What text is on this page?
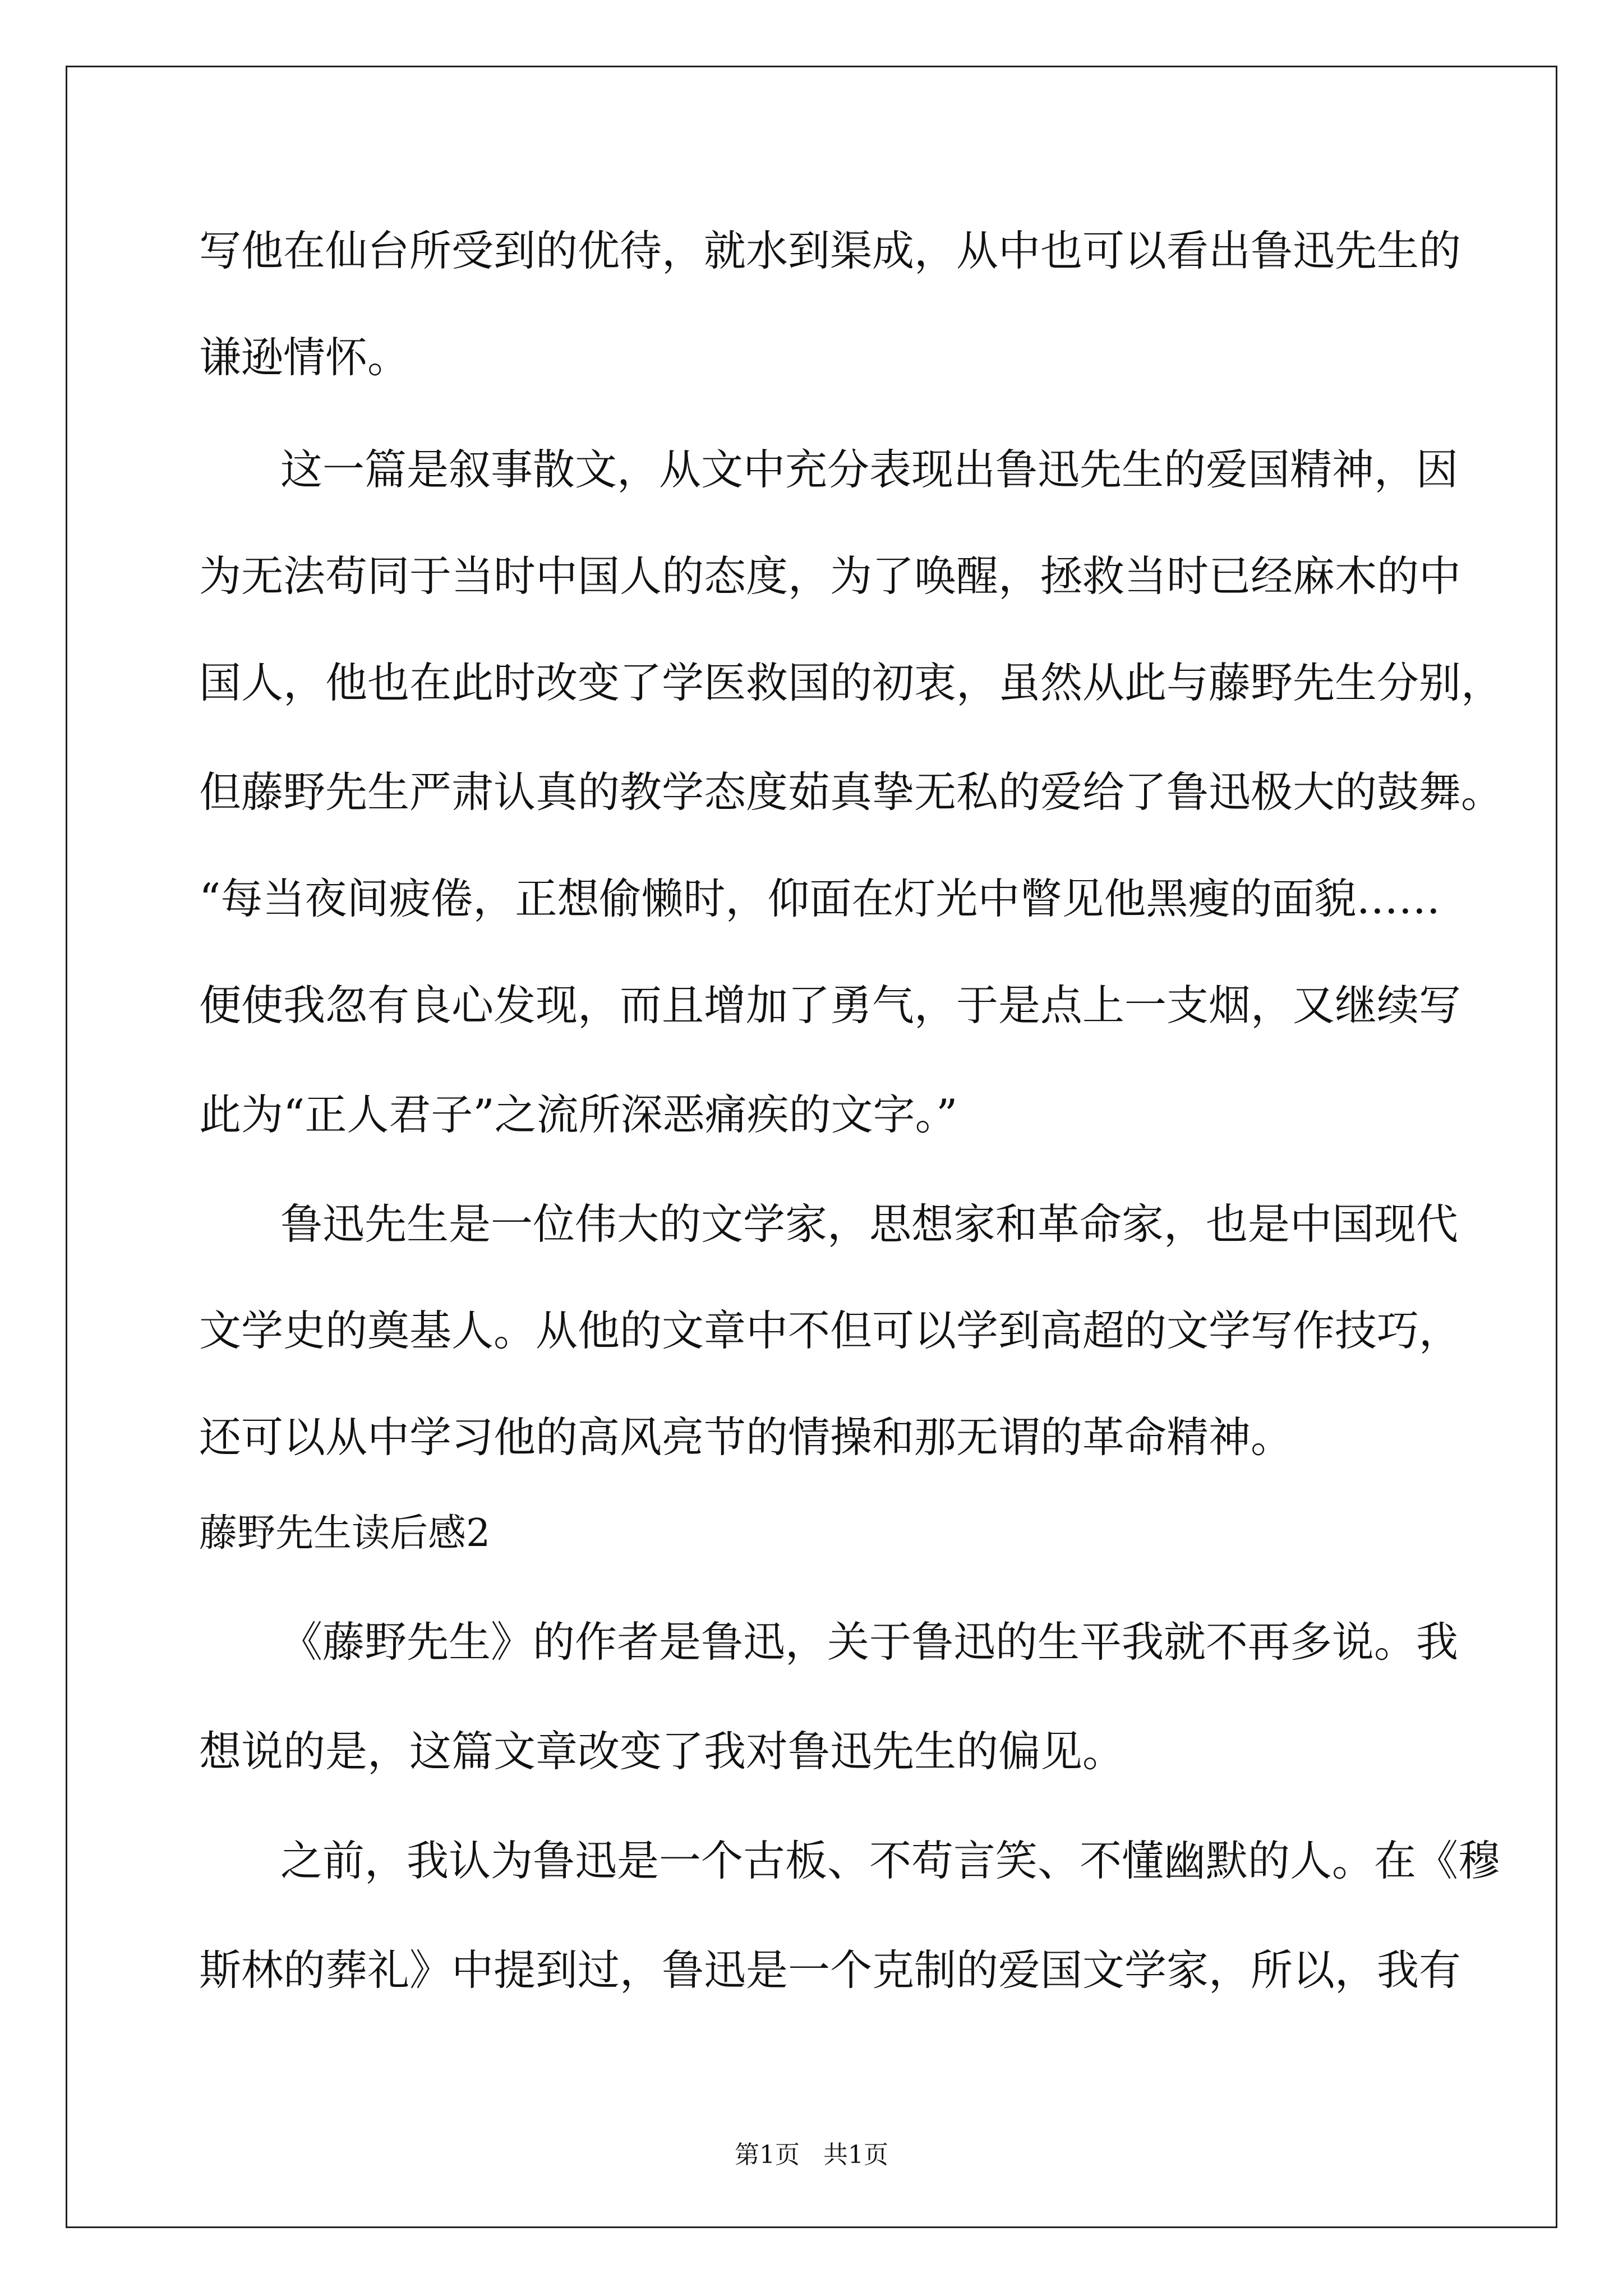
写他在仙台所受到的优待，就水到渠成，从中也可以看出鲁迅先生的
谦逊情怀。
这一篇是叙事散文，从文中充分表现出鲁迅先生的爱国精神，因
为无法苟同于当时中国人的态度，为了唤醒，拯救当时已经麻木的中
国人，他也在此时改变了学医救国的初衷，虽然从此与藤野先生分别，
但藤野先生严肃认真的教学态度茹真挚无私的爱给了鲁迅极大的鼓舞。
“每当夜间疲倦，正想偷懒时，仰面在灯光中瞥见他黑瘦的面貌……
便使我忽有良心发现，而且增加了勇气，于是点上一支烟，又继续写
此为“正人君子”之流所深恶痛疾的文字。”
鲁迅先生是一位伟大的文学家，思想家和革命家，也是中国现代
文学史的奠基人。从他的文章中不但可以学到高超的文学写作技巧，
还可以从中学习他的高风亮节的情操和那无谓的革命精神。
藤野先生读后感2
《藤野先生》的作者是鲁迅，关于鲁迅的生平我就不再多说。我
想说的是，这篇文章改变了我对鲁迅先生的偏见。
之前，我认为鲁迅是一个古板、不苟言笑、不懂幽默的人。在《穆
斯林的葬礼》中提到过，鲁迅是一个克制的爱国文学家，所以，我有
第1页   共1页
